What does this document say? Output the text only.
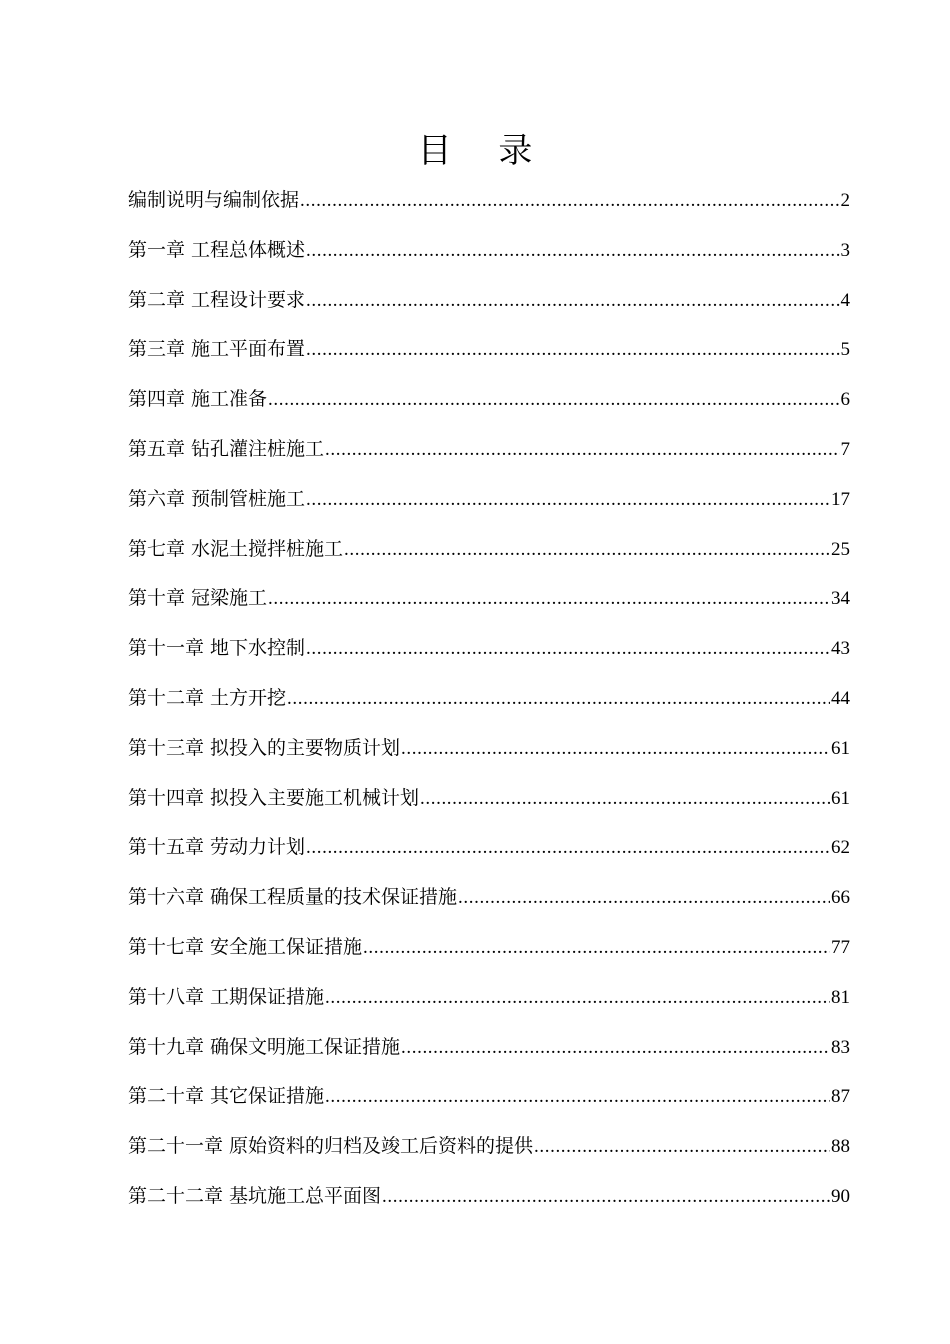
目 录
编制说明与编制依据 .....	2
第一章 工程总体概述 .....	3
第二章 工程设计要求 .....	4
第三章 施工平面布置 .....	5
第四章 施工准备 .....	6
第五章 钻孔灌注桩施工 .....	7
第六章 预制管桩施工 .....	17
第七章 水泥土搅拌桩施工 .....	25
第十章 冠梁施工 .....	34
第十一章 地下水控制 .....	43
第十二章 土方开挖 .....	44
第十三章 拟投入的主要物质计划 .....	61
第十四章 拟投入主要施工机械计划 .....	61
第十五章 劳动力计划 .....	62
第十六章 确保工程质量的技术保证措施 .....	66
第十七章 安全施工保证措施 .....	77
第十八章 工期保证措施 .....	81
第十九章 确保文明施工保证措施 .....	83
第二十章 其它保证措施 .....	87
第二十一章 原始资料的归档及竣工后资料的提供 .....	88
第二十二章 基坑施工总平面图 .....	90
